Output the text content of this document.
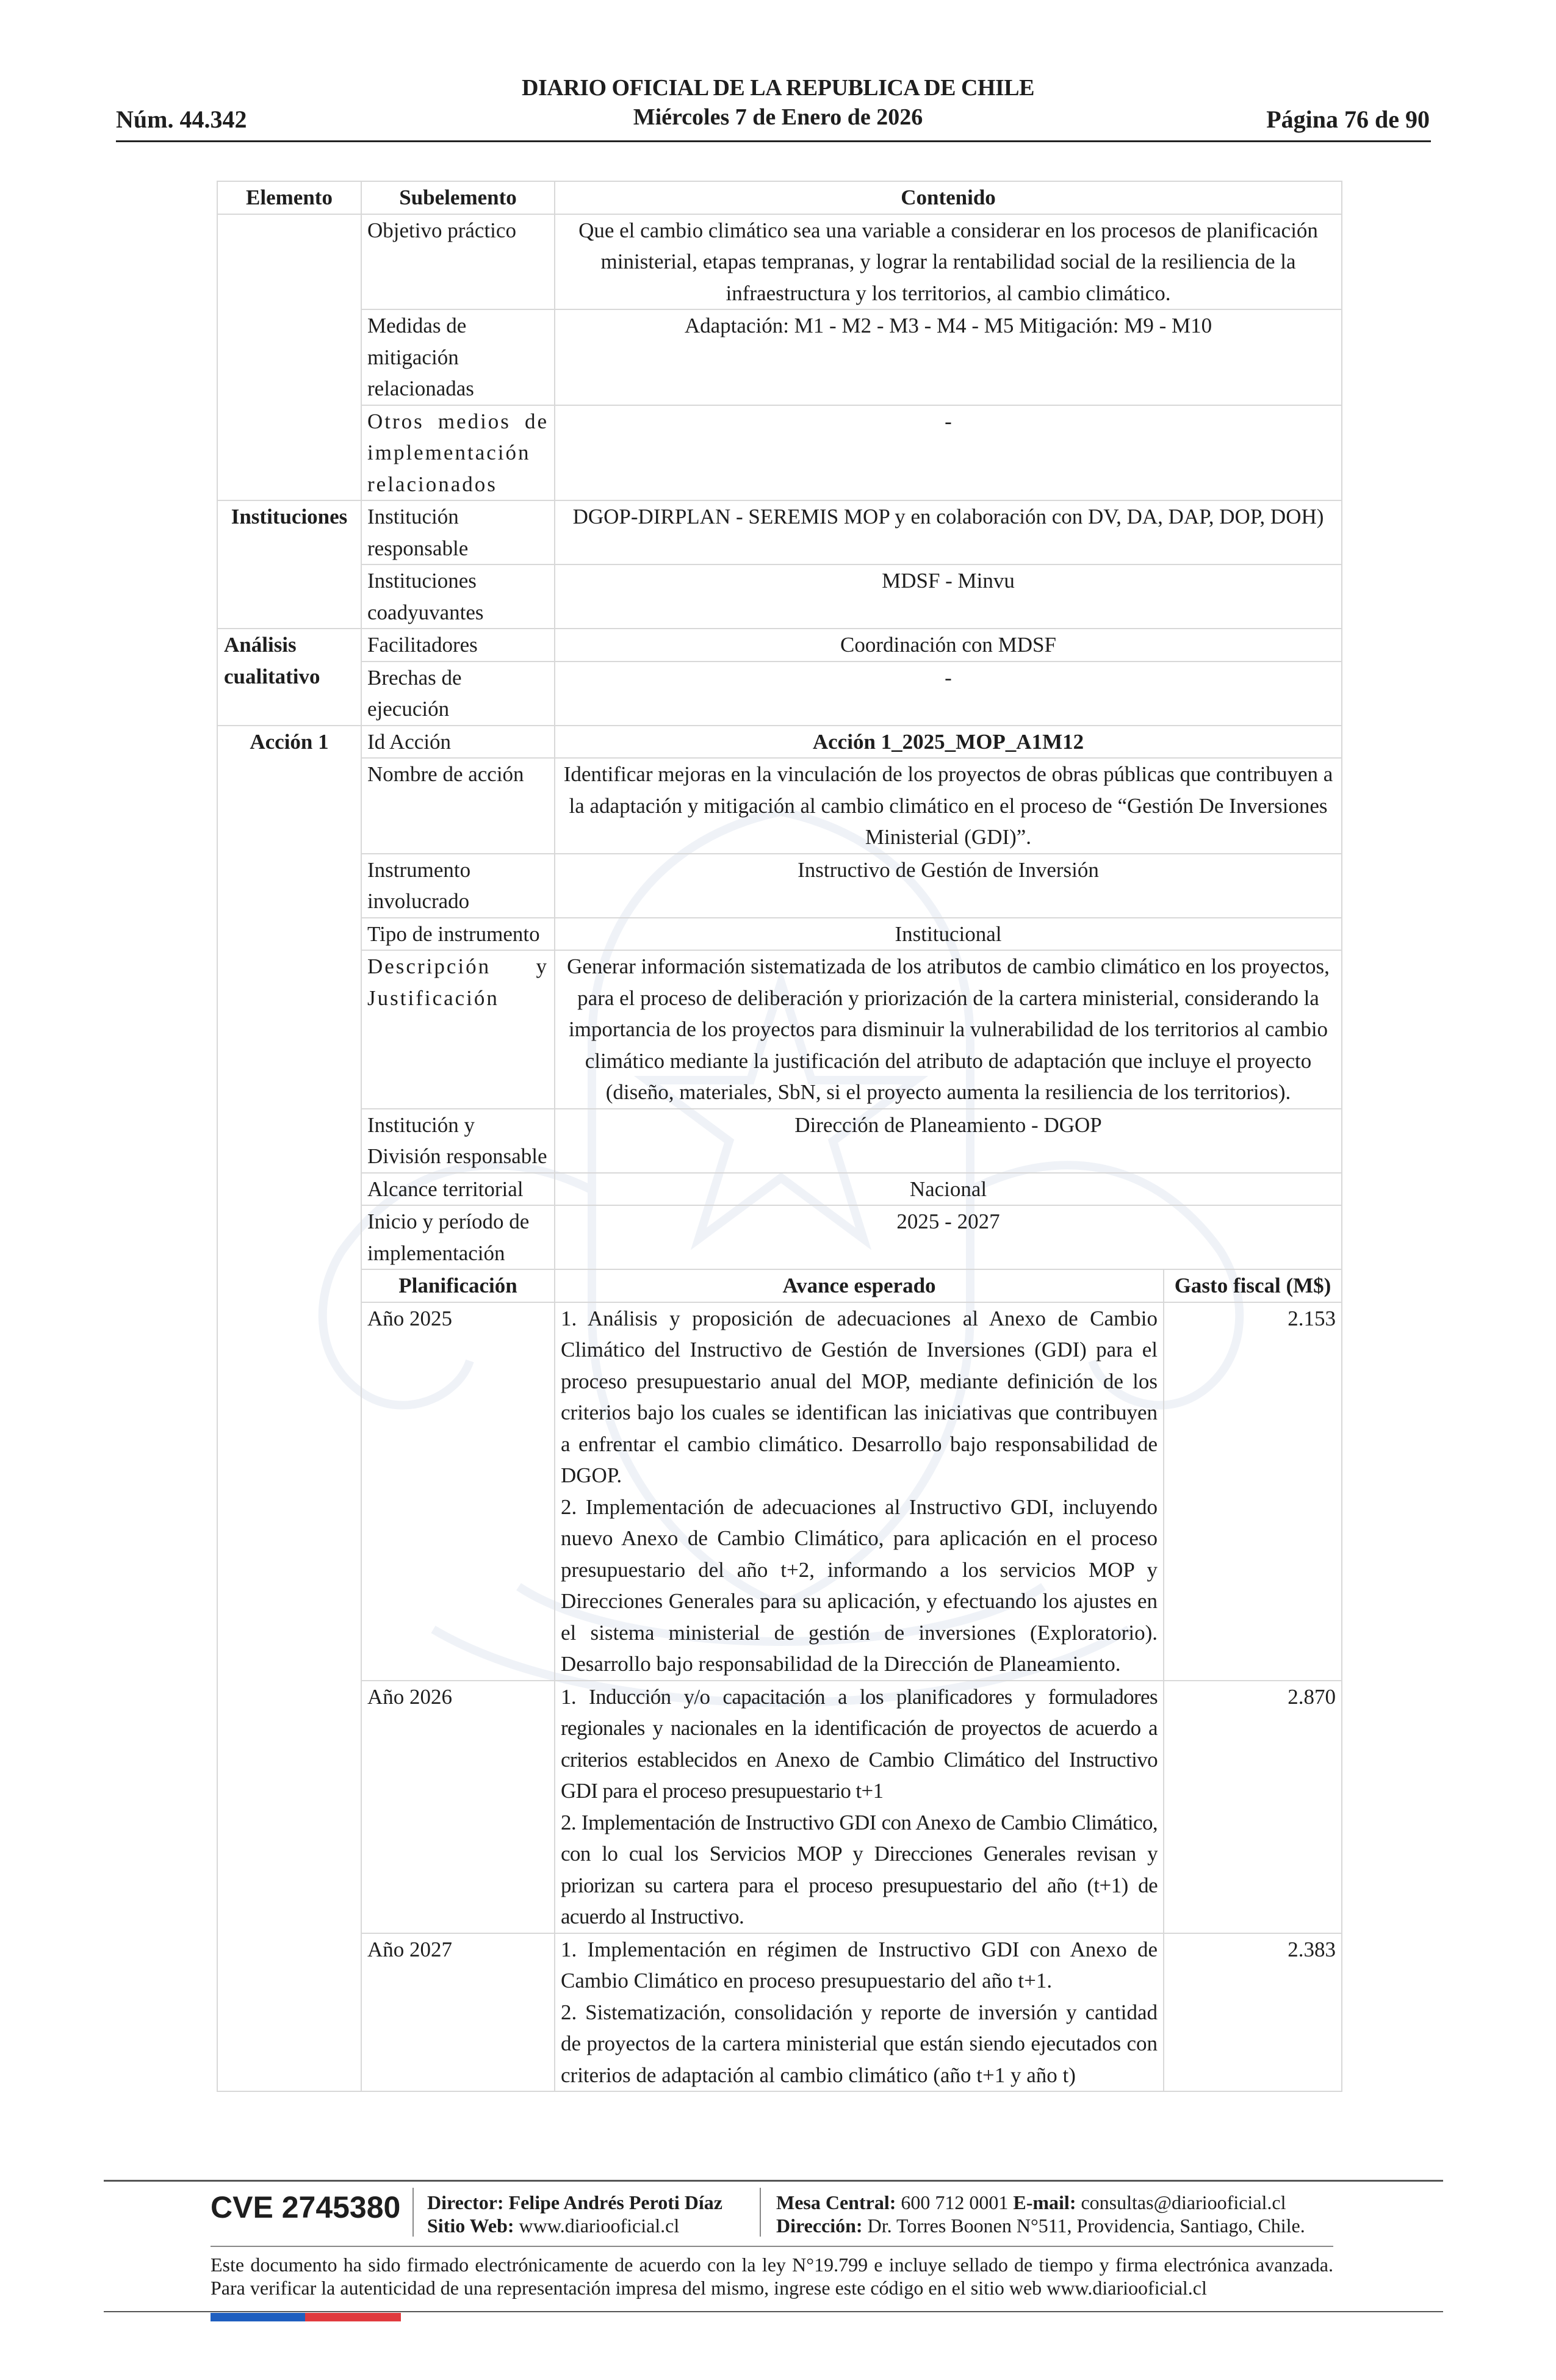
DIARIO OFICIAL DE LA REPUBLICA DE CHILE
Núm. 44.342	Miércoles 7 de Enero de 2026	Página 76 de 90
Elemento	Subelemento	Contenido	
	Objetivo práctico	Que el cambio climático sea una variable a considerar en los procesos de planificación ministerial, etapas tempranas, y lograr la rentabilidad social de la resiliencia de la infraestructura y los territorios, al cambio climático.	
	Medidas de mitigación relacionadas	Adaptación: M1 - M2 - M3 - M4 - M5 Mitigación: M9 - M10	
	Otros medios de implementación relacionados	-	
Instituciones	Institución responsable	DGOP-DIRPLAN - SEREMIS MOP y en colaboración con DV, DA, DAP, DOP, DOH)	
	Instituciones coadyuvantes	MDSF - Minvu	
Análisis cualitativo	Facilitadores	Coordinación con MDSF	
	Brechas de ejecución	-	
Acción 1	Id Acción	Acción 1_2025_MOP_A1M12	
	Nombre de acción	Identificar mejoras en la vinculación de los proyectos de obras públicas que contribuyen a la adaptación y mitigación al cambio climático en el proceso de “Gestión De Inversiones Ministerial (GDI)”.	
	Instrumento involucrado	Instructivo de Gestión de Inversión	
	Tipo de instrumento	Institucional	
	Descripción y Justificación	Generar información sistematizada de los atributos de cambio climático en los proyectos, para el proceso de deliberación y priorización de la cartera ministerial, considerando la importancia de los proyectos para disminuir la vulnerabilidad de los territorios al cambio climático mediante la justificación del atributo de adaptación que incluye el proyecto (diseño, materiales, SbN, si el proyecto aumenta la resiliencia de los territorios).	
	Institución y División responsable	Dirección de Planeamiento - DGOP	
	Alcance territorial	Nacional	
	Inicio y período de implementación	2025 - 2027	
	Planificación	Avance esperado	Gasto fiscal (M$)
	Año 2025	1. Análisis y proposición de adecuaciones al Anexo de Cambio Climático del Instructivo de Gestión de Inversiones (GDI) para el proceso presupuestario anual del MOP, mediante definición de los criterios bajo los cuales se identifican las iniciativas que contribuyen a enfrentar el cambio climático. Desarrollo bajo responsabilidad de DGOP.
2. Implementación de adecuaciones al Instructivo GDI, incluyendo nuevo Anexo de Cambio Climático, para aplicación en el proceso presupuestario del año t+2, informando a los servicios MOP y Direcciones Generales para su aplicación, y efectuando los ajustes en el sistema ministerial de gestión de inversiones (Exploratorio). Desarrollo bajo responsabilidad de la Dirección de Planeamiento.	2.153
	Año 2026	1. Inducción y/o capacitación a los planificadores y formuladores regionales y nacionales en la identificación de proyectos de acuerdo a criterios establecidos en Anexo de Cambio Climático del Instructivo GDI para el proceso presupuestario t+1
2. Implementación de Instructivo GDI con Anexo de Cambio Climático, con lo cual los Servicios MOP y Direcciones Generales revisan y priorizan su cartera para el proceso presupuestario del año (t+1) de acuerdo al Instructivo.	2.870
	Año 2027	1. Implementación en régimen de Instructivo GDI con Anexo de Cambio Climático en proceso presupuestario del año t+1.
2. Sistematización, consolidación y reporte de inversión y cantidad de proyectos de la cartera ministerial que están siendo ejecutados con criterios de adaptación al cambio climático (año t+1 y año t)	2.383
CVE 2745380 Director: Felipe Andrés Peroti Díaz
Sitio Web: www.diariooficial.cl
Mesa Central: 600 712 0001 E-mail: consultas@diariooficial.cl
Dirección: Dr. Torres Boonen N°511, Providencia, Santiago, Chile.
Este documento ha sido firmado electrónicamente de acuerdo con la ley N°19.799 e incluye sellado de tiempo y firma electrónica avanzada. Para verificar la autenticidad de una representación impresa del mismo, ingrese este código en el sitio web www.diariooficial.cl
